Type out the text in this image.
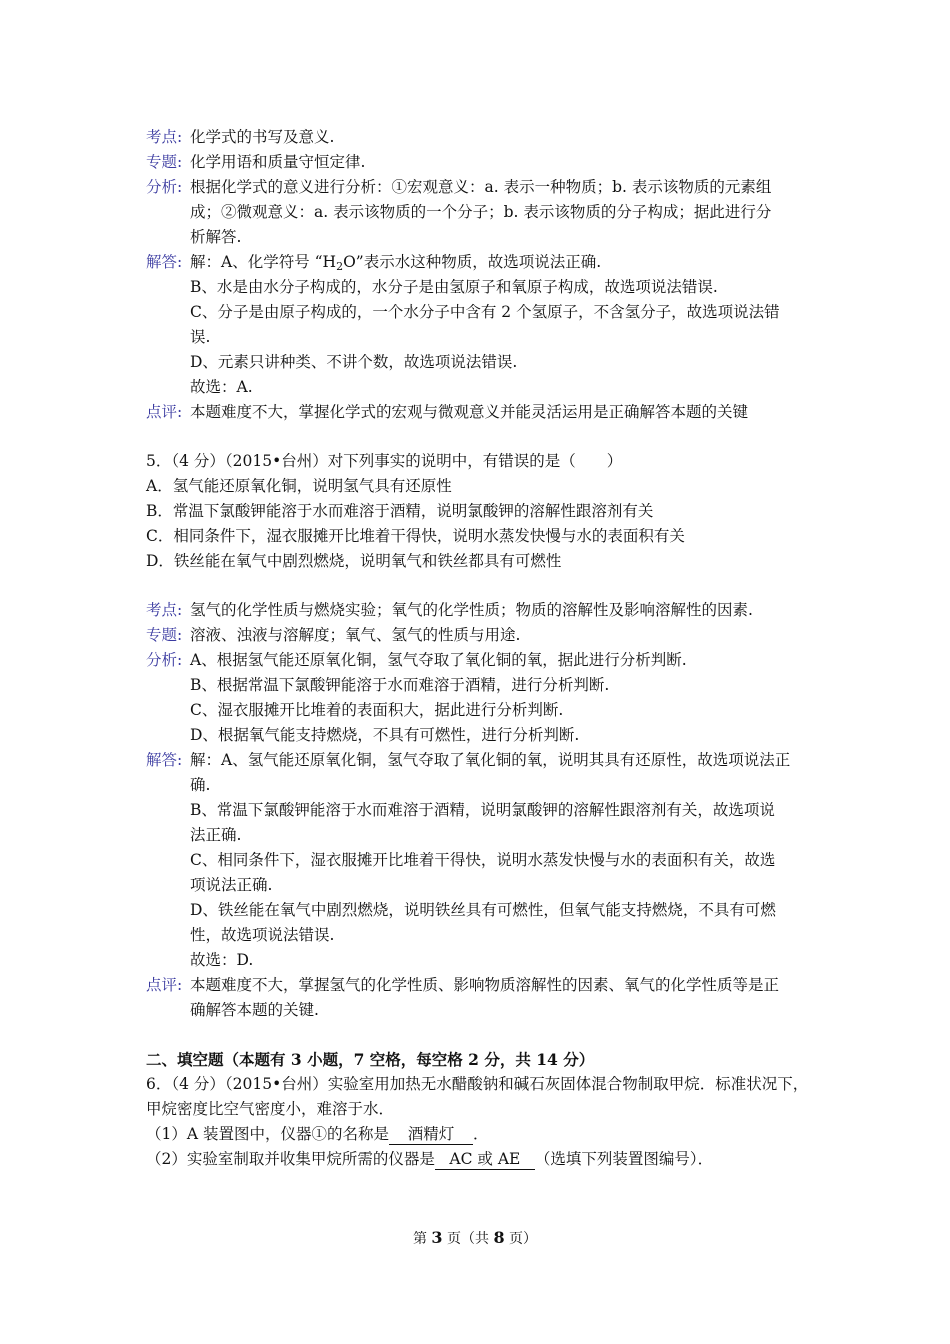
考点: 化学式的书写及意义.
专题: 化学用语和质量守恒定律.
分析: 根据化学式的意义进行分析：①宏观意义：a. 表示一种物质；b. 表示该物质的元素组
成；②微观意义：a. 表示该物质的一个分子；b. 表示该物质的分子构成；据此进行分
析解答.
解答: 解：A、化学符号 “$H_2O$”表示水这种物质，故选项说法正确.
B、水是由水分子构成的，水分子是由氢原子和氧原子构成，故选项说法错误.
C、分子是由原子构成的，一个水分子中含有 2 个氢原子，不含氢分子，故选项说法错
误.
D、元素只讲种类、不讲个数，故选项说法错误.
故选：A.
点评: 本题难度不大，掌握化学式的宏观与微观意义并能灵活运用是正确解答本题的关键
5．（4 分）（2015•台州）对下列事实的说明中，有错误的是（　　）
A．氢气能还原氧化铜，说明氢气具有还原性
B．常温下氯酸钾能溶于水而难溶于酒精，说明氯酸钾的溶解性跟溶剂有关
C．相同条件下，湿衣服摊开比堆着干得快，说明水蒸发快慢与水的表面积有关
D．铁丝能在氧气中剧烈燃烧，说明氧气和铁丝都具有可燃性
考点: 氢气的化学性质与燃烧实验；氧气的化学性质；物质的溶解性及影响溶解性的因素.
专题: 溶液、浊液与溶解度；氧气、氢气的性质与用途.
分析: A、根据氢气能还原氧化铜，氢气夺取了氧化铜的氧，据此进行分析判断.
B、根据常温下氯酸钾能溶于水而难溶于酒精，进行分析判断.
C、湿衣服摊开比堆着的表面积大，据此进行分析判断.
D、根据氧气能支持燃烧，不具有可燃性，进行分析判断.
解答: 解：A、氢气能还原氧化铜，氢气夺取了氧化铜的氧，说明其具有还原性，故选项说法正
确.
B、常温下氯酸钾能溶于水而难溶于酒精，说明氯酸钾的溶解性跟溶剂有关，故选项说
法正确.
C、相同条件下，湿衣服摊开比堆着干得快，说明水蒸发快慢与水的表面积有关，故选
项说法正确.
D、铁丝能在氧气中剧烈燃烧，说明铁丝具有可燃性，但氧气能支持燃烧，不具有可燃
性，故选项说法错误.
故选：D.
点评: 本题难度不大，掌握氢气的化学性质、影响物质溶解性的因素、氧气的化学性质等是正
确解答本题的关键.
二、填空题（本题有 3 小题，7 空格，每空格 2 分，共 14 分）
6．（4 分）（2015•台州）实验室用加热无水醋酸钠和碱石灰固体混合物制取甲烷．标准状况下，
甲烷密度比空气密度小，难溶于水．
（1）A 装置图中，仪器①的名称是 酒精灯 ．
（2）实验室制取并收集甲烷所需的仪器是 AC 或 AE （选填下列装置图编号）．
第 3 页（共 8 页）
